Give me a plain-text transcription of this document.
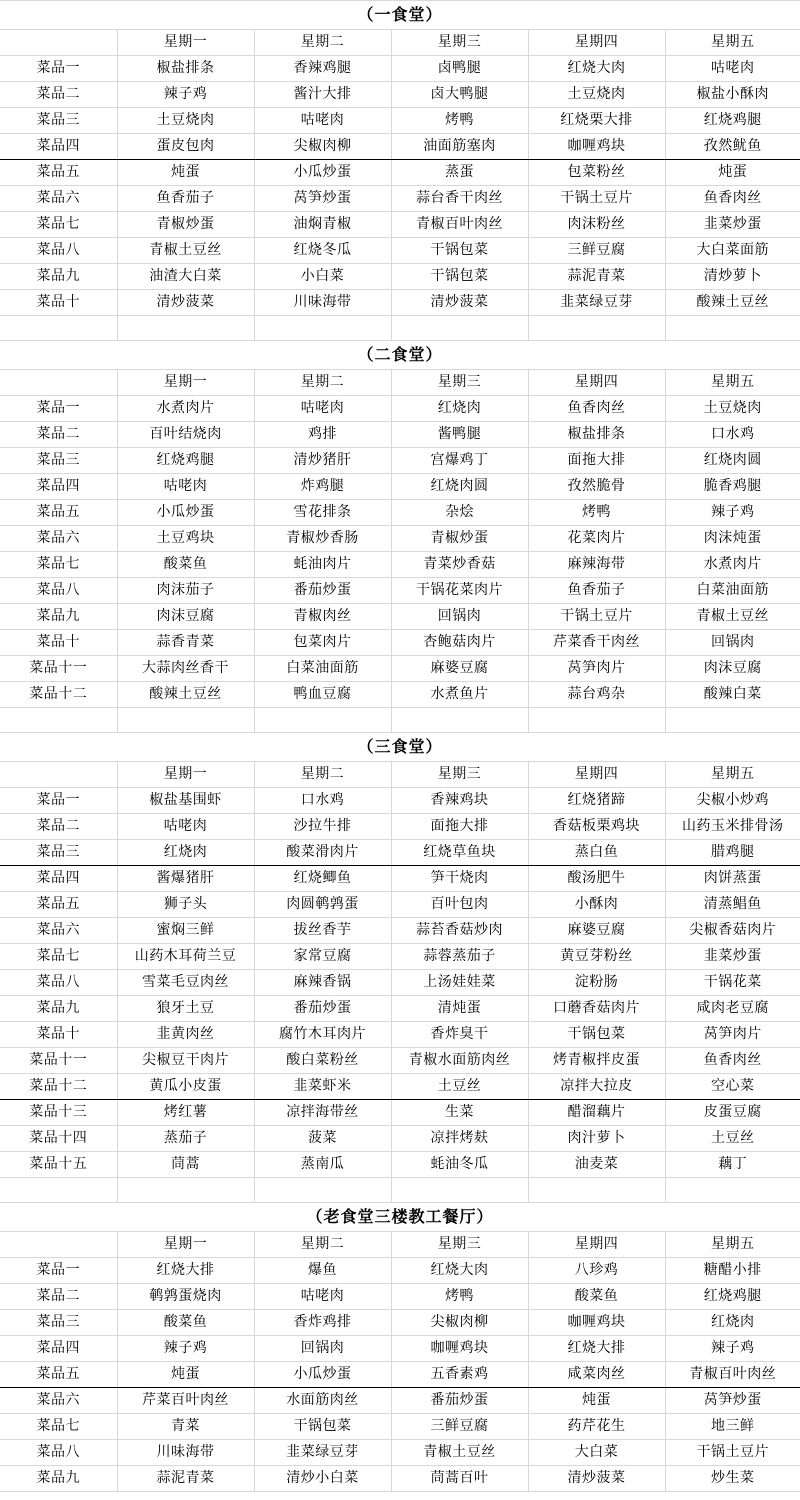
（一食堂）					
	星期一	星期二	星期三	星期四	星期五
菜品一	椒盐排条	香辣鸡腿	卤鸭腿	红烧大肉	咕咾肉
菜品二	辣子鸡	酱汁大排	卤大鸭腿	土豆烧肉	椒盐小酥肉
菜品三	土豆烧肉	咕咾肉	烤鸭	红烧栗大排	红烧鸡腿
菜品四	蛋皮包肉	尖椒肉柳	油面筋塞肉	咖喱鸡块	孜然鱿鱼
菜品五	炖蛋	小瓜炒蛋	蒸蛋	包菜粉丝	炖蛋
菜品六	鱼香茄子	莴笋炒蛋	蒜台香干肉丝	干锅土豆片	鱼香肉丝
菜品七	青椒炒蛋	油焖青椒	青椒百叶肉丝	肉沫粉丝	韭菜炒蛋
菜品八	青椒土豆丝	红烧冬瓜	干锅包菜	三鲜豆腐	大白菜面筋
菜品九	油渣大白菜	小白菜	干锅包菜	蒜泥青菜	清炒萝卜
菜品十	清炒菠菜	川味海带	清炒菠菜	韭菜绿豆芽	酸辣土豆丝

（二食堂）					
	星期一	星期二	星期三	星期四	星期五
菜品一	水煮肉片	咕咾肉	红烧肉	鱼香肉丝	土豆烧肉
菜品二	百叶结烧肉	鸡排	酱鸭腿	椒盐排条	口水鸡
菜品三	红烧鸡腿	清炒猪肝	宫爆鸡丁	面拖大排	红烧肉圆
菜品四	咕咾肉	炸鸡腿	红烧肉圆	孜然脆骨	脆香鸡腿
菜品五	小瓜炒蛋	雪花排条	杂烩	烤鸭	辣子鸡
菜品六	土豆鸡块	青椒炒香肠	青椒炒蛋	花菜肉片	肉沫炖蛋
菜品七	酸菜鱼	蚝油肉片	青菜炒香菇	麻辣海带	水煮肉片
菜品八	肉沫茄子	番茄炒蛋	干锅花菜肉片	鱼香茄子	白菜油面筋
菜品九	肉沫豆腐	青椒肉丝	回锅肉	干锅土豆片	青椒土豆丝
菜品十	蒜香青菜	包菜肉片	杏鲍菇肉片	芹菜香干肉丝	回锅肉
菜品十一	大蒜肉丝香干	白菜油面筋	麻婆豆腐	莴笋肉片	肉沫豆腐
菜品十二	酸辣土豆丝	鸭血豆腐	水煮鱼片	蒜台鸡杂	酸辣白菜

（三食堂）					
	星期一	星期二	星期三	星期四	星期五
菜品一	椒盐基围虾	口水鸡	香辣鸡块	红烧猪蹄	尖椒小炒鸡
菜品二	咕咾肉	沙拉牛排	面拖大排	香菇板栗鸡块	山药玉米排骨汤
菜品三	红烧肉	酸菜滑肉片	红烧草鱼块	蒸白鱼	腊鸡腿
菜品四	酱爆猪肝	红烧鲫鱼	笋干烧肉	酸汤肥牛	肉饼蒸蛋
菜品五	狮子头	肉圆鹌鹑蛋	百叶包肉	小酥肉	清蒸鲳鱼
菜品六	蜜焖三鲜	拔丝香芋	蒜苔香菇炒肉	麻婆豆腐	尖椒香菇肉片
菜品七	山药木耳荷兰豆	家常豆腐	蒜蓉蒸茄子	黄豆芽粉丝	韭菜炒蛋
菜品八	雪菜毛豆肉丝	麻辣香锅	上汤娃娃菜	淀粉肠	干锅花菜
菜品九	狼牙土豆	番茄炒蛋	清炖蛋	口蘑香菇肉片	咸肉老豆腐
菜品十	韭黄肉丝	腐竹木耳肉片	香炸臭干	干锅包菜	莴笋肉片
菜品十一	尖椒豆干肉片	酸白菜粉丝	青椒水面筋肉丝	烤青椒拌皮蛋	鱼香肉丝
菜品十二	黄瓜小皮蛋	韭菜虾米	土豆丝	凉拌大拉皮	空心菜
菜品十三	烤红薯	凉拌海带丝	生菜	醋溜藕片	皮蛋豆腐
菜品十四	蒸茄子	菠菜	凉拌烤麸	肉汁萝卜	土豆丝
菜品十五	茼蒿	蒸南瓜	蚝油冬瓜	油麦菜	藕丁

（老食堂三楼教工餐厅）					
	星期一	星期二	星期三	星期四	星期五
菜品一	红烧大排	爆鱼	红烧大肉	八珍鸡	糖醋小排
菜品二	鹌鹑蛋烧肉	咕咾肉	烤鸭	酸菜鱼	红烧鸡腿
菜品三	酸菜鱼	香炸鸡排	尖椒肉柳	咖喱鸡块	红烧肉
菜品四	辣子鸡	回锅肉	咖喱鸡块	红烧大排	辣子鸡
菜品五	炖蛋	小瓜炒蛋	五香素鸡	咸菜肉丝	青椒百叶肉丝
菜品六	芹菜百叶肉丝	水面筋肉丝	番茄炒蛋	炖蛋	莴笋炒蛋
菜品七	青菜	干锅包菜	三鲜豆腐	药芹花生	地三鲜
菜品八	川味海带	韭菜绿豆芽	青椒土豆丝	大白菜	干锅土豆片
菜品九	蒜泥青菜	清炒小白菜	茼蒿百叶	清炒菠菜	炒生菜
